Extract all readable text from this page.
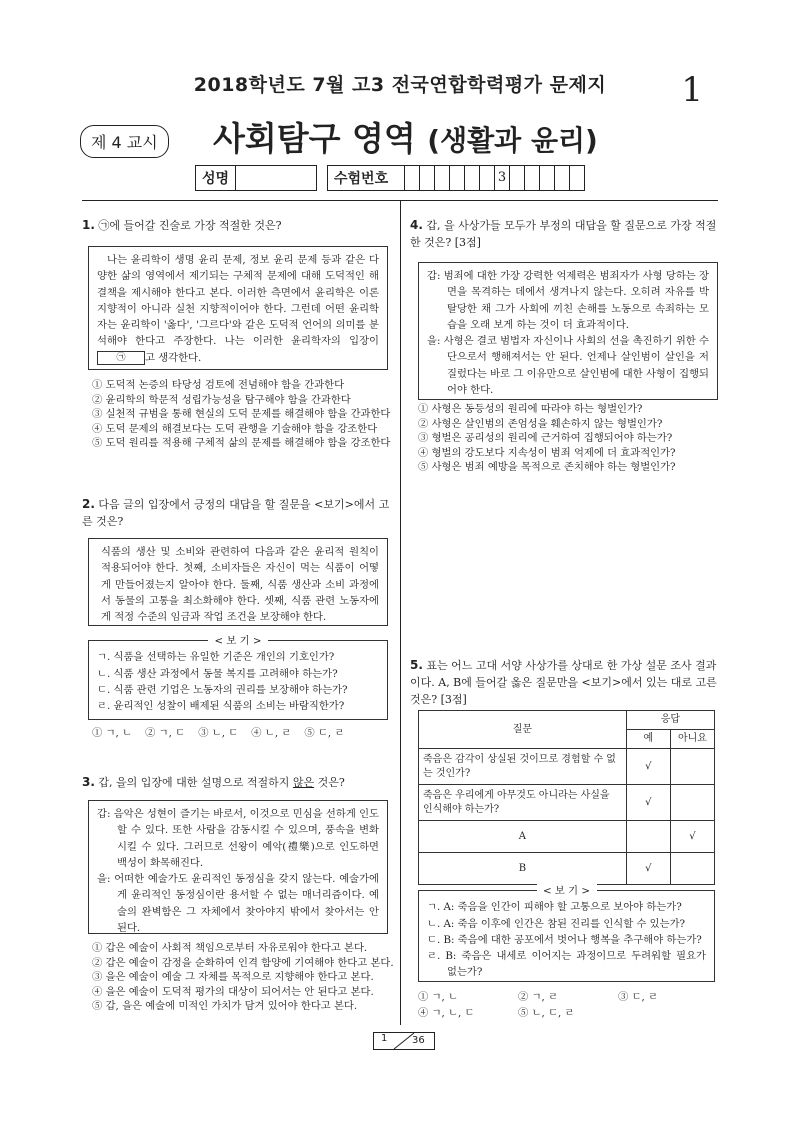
2018학년도 7월 고3 전국연합학력평가 문제지	1
제 4 교시	사회탐구 영역 (생활과 윤리)
성명	수험번호	3
1. ㉠에 들어갈 진술로 가장 적절한 것은?
나는 윤리학이 생명 윤리 문제, 정보 윤리 문제 등과 같은 다양한 삶의 영역에서 제기되는 구체적 문제에 대해 도덕적인 해결책을 제시해야 한다고 본다. 이러한 측면에서 윤리학은 이론 지향적이 아니라 실천 지향적이어야 한다. 그런데 어떤 윤리학자는 윤리학이 '옳다', '그르다'와 같은 도덕적 언어의 의미를 분석해야 한다고 주장한다. 나는 이러한 윤리학자의 입장이 ㉠ 고 생각한다.
① 도덕적 논증의 타당성 검토에 전념해야 함을 간과한다
② 윤리학의 학문적 성립가능성을 탐구해야 함을 간과한다
③ 실천적 규범을 통해 현실의 도덕 문제를 해결해야 함을 간과한다
④ 도덕 문제의 해결보다는 도덕 관행을 기술해야 함을 강조한다
⑤ 도덕 원리를 적용해 구체적 삶의 문제를 해결해야 함을 강조한다
2. 다음 글의 입장에서 긍정의 대답을 할 질문을 <보기>에서 고른 것은?
식품의 생산 및 소비와 관련하여 다음과 같은 윤리적 원칙이 적용되어야 한다. 첫째, 소비자들은 자신이 먹는 식품이 어떻게 만들어졌는지 알아야 한다. 둘째, 식품 생산과 소비 과정에서 동물의 고통을 최소화해야 한다. 셋째, 식품 관련 노동자에게 적정 수준의 임금과 작업 조건을 보장해야 한다.
< 보 기 >
ㄱ. 식품을 선택하는 유일한 기준은 개인의 기호인가?
ㄴ. 식품 생산 과정에서 동물 복지를 고려해야 하는가?
ㄷ. 식품 관련 기업은 노동자의 권리를 보장해야 하는가?
ㄹ. 윤리적인 성찰이 배제된 식품의 소비는 바람직한가?
① ㄱ, ㄴ    ② ㄱ, ㄷ    ③ ㄴ, ㄷ    ④ ㄴ, ㄹ    ⑤ ㄷ, ㄹ
3. 갑, 을의 입장에 대한 설명으로 적절하지 않은 것은?
갑: 음악은 성현이 즐기는 바로서, 이것으로 민심을 선하게 인도할 수 있다. 또한 사람을 감동시킬 수 있으며, 풍속을 변화시킬 수 있다. 그러므로 선왕이 예악(禮樂)으로 인도하면 백성이 화목해진다.
을: 어떠한 예술가도 윤리적인 동정심을 갖지 않는다. 예술가에게 윤리적인 동정심이란 용서할 수 없는 매너리즘이다. 예술의 완벽함은 그 자체에서 찾아야지 밖에서 찾아서는 안 된다.
① 갑은 예술이 사회적 책임으로부터 자유로워야 한다고 본다.
② 갑은 예술이 감정을 순화하여 인격 함양에 기여해야 한다고 본다.
③ 을은 예술이 예술 그 자체를 목적으로 지향해야 한다고 본다.
④ 을은 예술이 도덕적 평가의 대상이 되어서는 안 된다고 본다.
⑤ 갑, 을은 예술에 미적인 가치가 담겨 있어야 한다고 본다.
4. 갑, 을 사상가들 모두가 부정의 대답을 할 질문으로 가장 적절한 것은? [3점]
갑: 범죄에 대한 가장 강력한 억제력은 범죄자가 사형 당하는 장면을 목격하는 데에서 생겨나지 않는다. 오히려 자유를 박탈당한 채 그가 사회에 끼친 손해를 노동으로 속죄하는 모습을 오래 보게 하는 것이 더 효과적이다.
을: 사형은 결코 범법자 자신이나 사회의 선을 촉진하기 위한 수단으로서 행해져서는 안 된다. 언제나 살인범이 살인을 저질렀다는 바로 그 이유만으로 살인범에 대한 사형이 집행되어야 한다.
① 사형은 동등성의 원리에 따라야 하는 형벌인가?
② 사형은 살인범의 존엄성을 훼손하지 않는 형벌인가?
③ 형벌은 공리성의 원리에 근거하여 집행되어야 하는가?
④ 형벌의 강도보다 지속성이 범죄 억제에 더 효과적인가?
⑤ 사형은 범죄 예방을 목적으로 존치해야 하는 형벌인가?
5. 표는 어느 고대 서양 사상가를 상대로 한 가상 설문 조사 결과이다. A, B에 들어갈 옳은 질문만을 <보기>에서 있는 대로 고른 것은? [3점]
질문	응답	
	예	아니요
죽음은 감각이 상실된 것이므로 경험할 수 없는 것인가?	√	
죽음은 우리에게 아무것도 아니라는 사실을 인식해야 하는가?	√	
A		√
B	√	
< 보 기 >
ㄱ. A: 죽음을 인간이 피해야 할 고통으로 보아야 하는가?
ㄴ. A: 죽음 이후에 인간은 참된 진리를 인식할 수 있는가?
ㄷ. B: 죽음에 대한 공포에서 벗어나 행복을 추구해야 하는가?
ㄹ. B: 죽음은 내세로 이어지는 과정이므로 두려워할 필요가 없는가?
① ㄱ, ㄴ	② ㄱ, ㄹ	③ ㄷ, ㄹ
④ ㄱ, ㄴ, ㄷ	⑤ ㄴ, ㄷ, ㄹ
1 36
